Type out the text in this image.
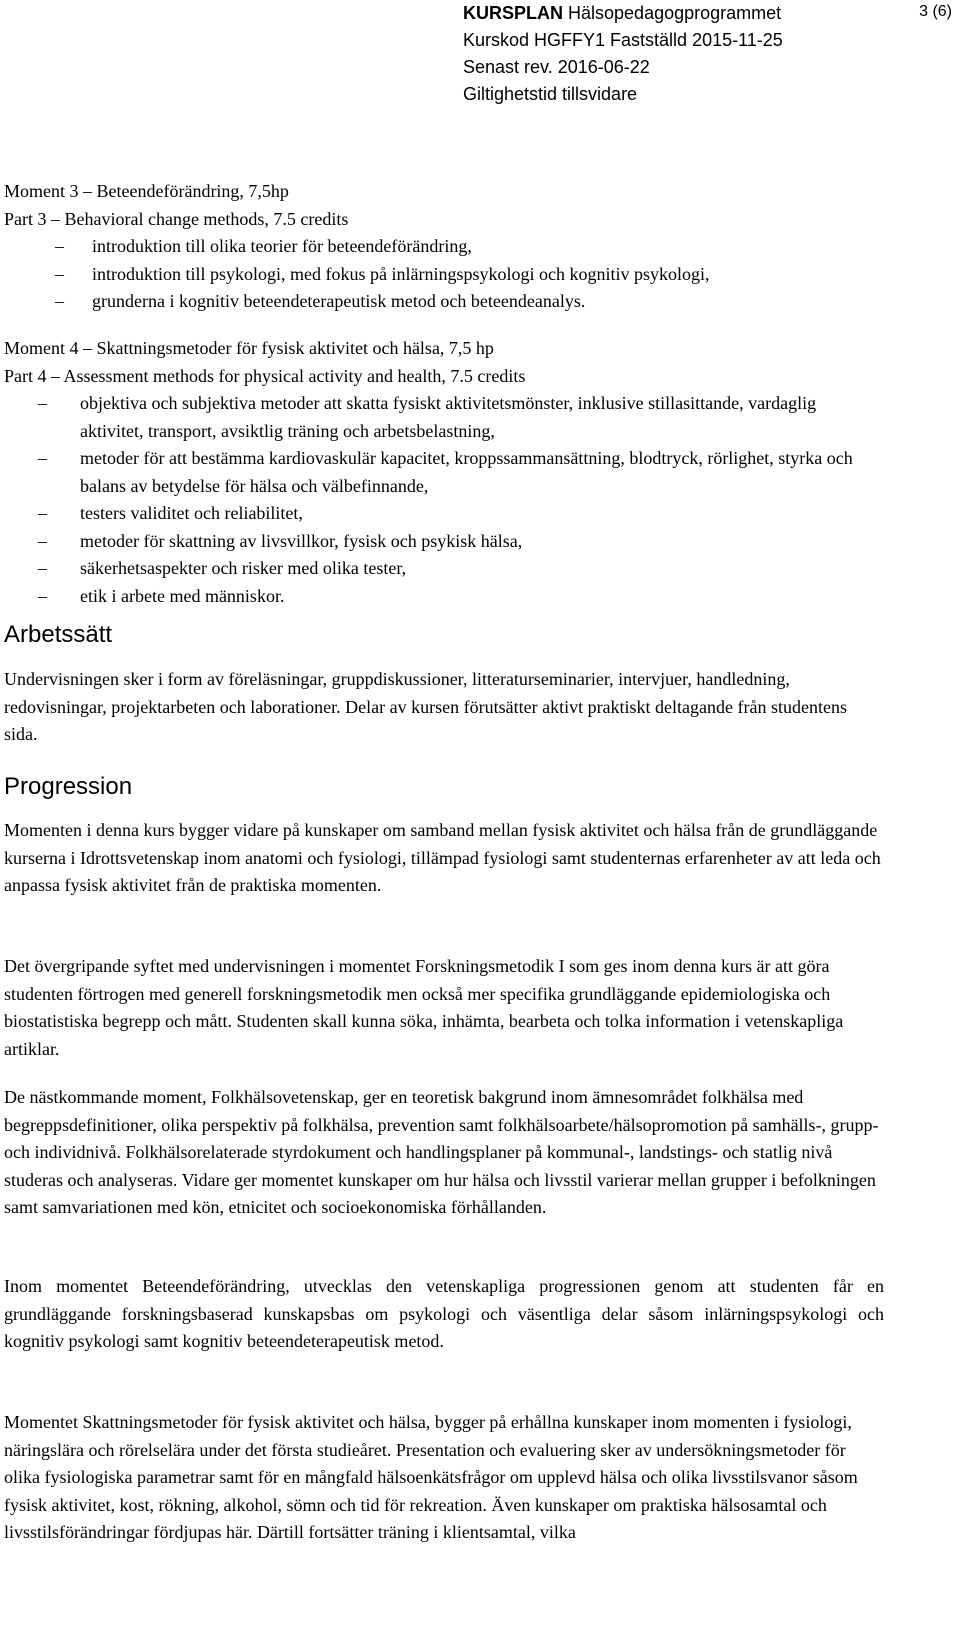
KURSPLAN Hälsopedagogprogrammet
Kurskod HGFFY1 Fastställd 2015-11-25
Senast rev. 2016-06-22
Giltighetstid tillsvidare
3 (6)
Moment 3 – Beteendeförändring, 7,5hp
Part 3 – Behavioral change methods, 7.5 credits
– introduktion till olika teorier för beteendeförändring,
– introduktion till psykologi, med fokus på inlärningspsykologi och kognitiv psykologi,
– grunderna i kognitiv beteendeterapeutisk metod och beteendeanalys.
Moment 4 – Skattningsmetoder för fysisk aktivitet och hälsa, 7,5 hp
Part 4 – Assessment methods for physical activity and health, 7.5 credits
– objektiva och subjektiva metoder att skatta fysiskt aktivitetsmönster, inklusive stillasittande, vardaglig aktivitet, transport, avsiktlig träning och arbetsbelastning,
– metoder för att bestämma kardiovaskulär kapacitet, kroppssammansättning, blodtryck, rörlighet, styrka och balans av betydelse för hälsa och välbefinnande,
– testers validitet och reliabilitet,
– metoder för skattning av livsvillkor, fysisk och psykisk hälsa,
– säkerhetsaspekter och risker med olika tester,
– etik i arbete med människor.
Arbetssätt

Undervisningen sker i form av föreläsningar, gruppdiskussioner, litteraturseminarier, intervjuer, handledning, redovisningar, projektarbeten och laborationer. Delar av kursen förutsätter aktivt praktiskt deltagande från studentens sida.

Progression

Momenten i denna kurs bygger vidare på kunskaper om samband mellan fysisk aktivitet och hälsa från de grundläggande kurserna i Idrottsvetenskap inom anatomi och fysiologi, tillämpad fysiologi samt studenternas erfarenheter av att leda och anpassa fysisk aktivitet från de praktiska momenten.

Det övergripande syftet med undervisningen i momentet Forskningsmetodik I som ges inom denna kurs är att göra studenten förtrogen med generell forskningsmetodik men också mer specifika grundläggande epidemiologiska och biostatistiska begrepp och mått. Studenten skall kunna söka, inhämta, bearbeta och tolka information i vetenskapliga artiklar.

De nästkommande moment, Folkhälsovetenskap, ger en teoretisk bakgrund inom ämnesområdet folkhälsa med begreppsdefinitioner, olika perspektiv på folkhälsa, prevention samt folkhälsoarbete/hälsopromotion på samhälls-, grupp- och individnivå. Folkhälsorelaterade styrdokument och handlingsplaner på kommunal-, landstings- och statlig nivå studeras och analyseras. Vidare ger momentet kunskaper om hur hälsa och livsstil varierar mellan grupper i befolkningen samt samvariationen med kön, etnicitet och socioekonomiska förhållanden.

Inom momentet Beteendeförändring, utvecklas den vetenskapliga progressionen genom att studenten får en grundläggande forskningsbaserad kunskapsbas om psykologi och väsentliga delar såsom inlärningspsykologi och kognitiv psykologi samt kognitiv beteendeterapeutisk metod.

Momentet Skattningsmetoder för fysisk aktivitet och hälsa, bygger på erhållna kunskaper inom momenten i fysiologi, näringslära och rörelselära under det första studieåret. Presentation och evaluering sker av undersökningsmetoder för olika fysiologiska parametrar samt för en mångfald hälsoenkätsfrågor om upplevd hälsa och olika livsstilsvanor såsom fysisk aktivitet, kost, rökning, alkohol, sömn och tid för rekreation. Även kunskaper om praktiska hälsosamtal och livsstilsförändringar fördjupas här. Därtill fortsätter träning i klientsamtal, vilka
